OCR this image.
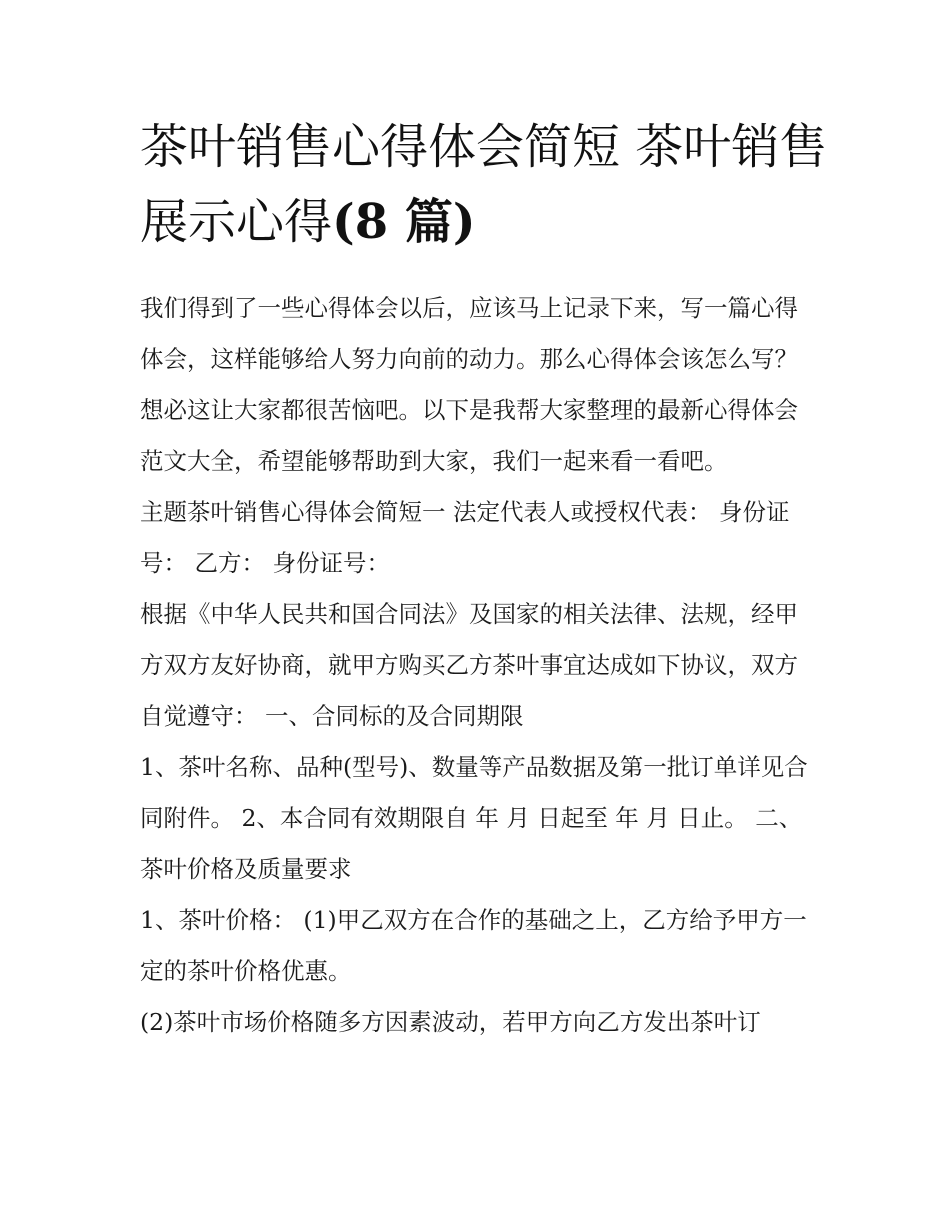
茶叶销售心得体会简短 茶叶销售展示心得(8 篇)

我们得到了一些心得体会以后，应该马上记录下来，写一篇心得体会，这样能够给人努力向前的动力。那么心得体会该怎么写？想必这让大家都很苦恼吧。以下是我帮大家整理的最新心得体会范文大全，希望能够帮助到大家，我们一起来看一看吧。

主题茶叶销售心得体会简短一 法定代表人或授权代表： 身份证号： 乙方： 身份证号：

根据《中华人民共和国合同法》及国家的相关法律、法规，经甲方双方友好协商，就甲方购买乙方茶叶事宜达成如下协议，双方自觉遵守： 一、合同标的及合同期限

1、茶叶名称、品种(型号)、数量等产品数据及第一批订单详见合同附件。 2、本合同有效期限自 年 月 日起至 年 月 日止。 二、茶叶价格及质量要求

1、茶叶价格： (1)甲乙双方在合作的基础之上，乙方给予甲方一定的茶叶价格优惠。

(2)茶叶市场价格随多方因素波动，若甲方向乙方发出茶叶订
